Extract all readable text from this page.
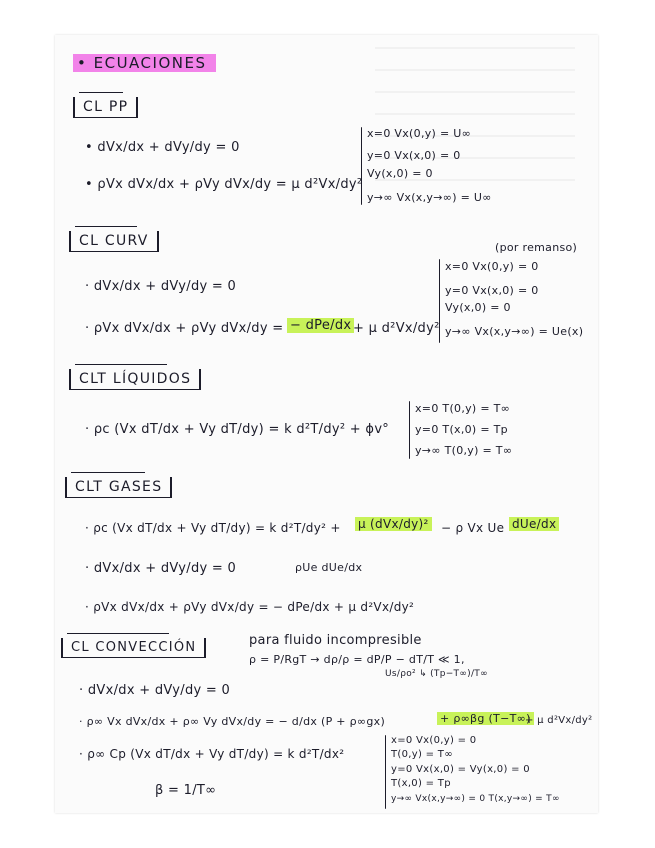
• ECUACIONES
CL PP
• dVx/dx + dVy/dy = 0
• ρVx dVx/dx + ρVy dVx/dy = μ d²Vx/dy²
x=0 Vx(0,y) = U∞
y=0 Vx(x,0) = 0
Vy(x,0) = 0
y→∞ Vx(x,y→∞) = U∞
CL CURV	(por remanso)
· dVx/dx + dVy/dy = 0
· ρVx dVx/dx + ρVy dVx/dy = − dPe/dx + μ d²Vx/dy²
x=0 Vx(0,y) = 0
y=0 Vx(x,0) = 0
Vy(x,0) = 0
y→∞ Vx(x,y→∞) = Ue(x)
CLT LÍQUIDOS
· ρc (Vx dT/dx + Vy dT/dy) = k d²T/dy² + ϕv°
x=0 T(0,y) = T∞
y=0 T(x,0) = Tp
y→∞ T(0,y) = T∞
CLT GASES
· ρc (Vx dT/dx + Vy dT/dy) = k d²T/dy² + μ (dVx/dy)² − ρ Vx Ue dUe/dx
· dVx/dx + dVy/dy = 0	ρUe dUe/dx
· ρVx dVx/dx + ρVy dVx/dy = − dPe/dx + μ d²Vx/dy²
CL CONVECCIÓN	para fluido incompresible
ρ = P/RgT → dρ/ρ = dP/P − dT/T ≪ 1,
Us/ρo² ↳ (Tp−T∞)/T∞
· dVx/dx + dVy/dy = 0
· ρ∞ Vx dVx/dx + ρ∞ Vy dVx/dy = − d/dx (P + ρ∞gx)	+ ρ∞βg (T−T∞)
+ μ d²Vx/dy²
· ρ∞ Cp (Vx dT/dx + Vy dT/dy) = k d²T/dx²
β = 1/T∞
x=0 Vx(0,y) = 0
T(0,y) = T∞
y=0 Vx(x,0) = Vy(x,0) = 0
T(x,0) = Tp
y→∞ Vx(x,y→∞) = 0 T(x,y→∞) = T∞
